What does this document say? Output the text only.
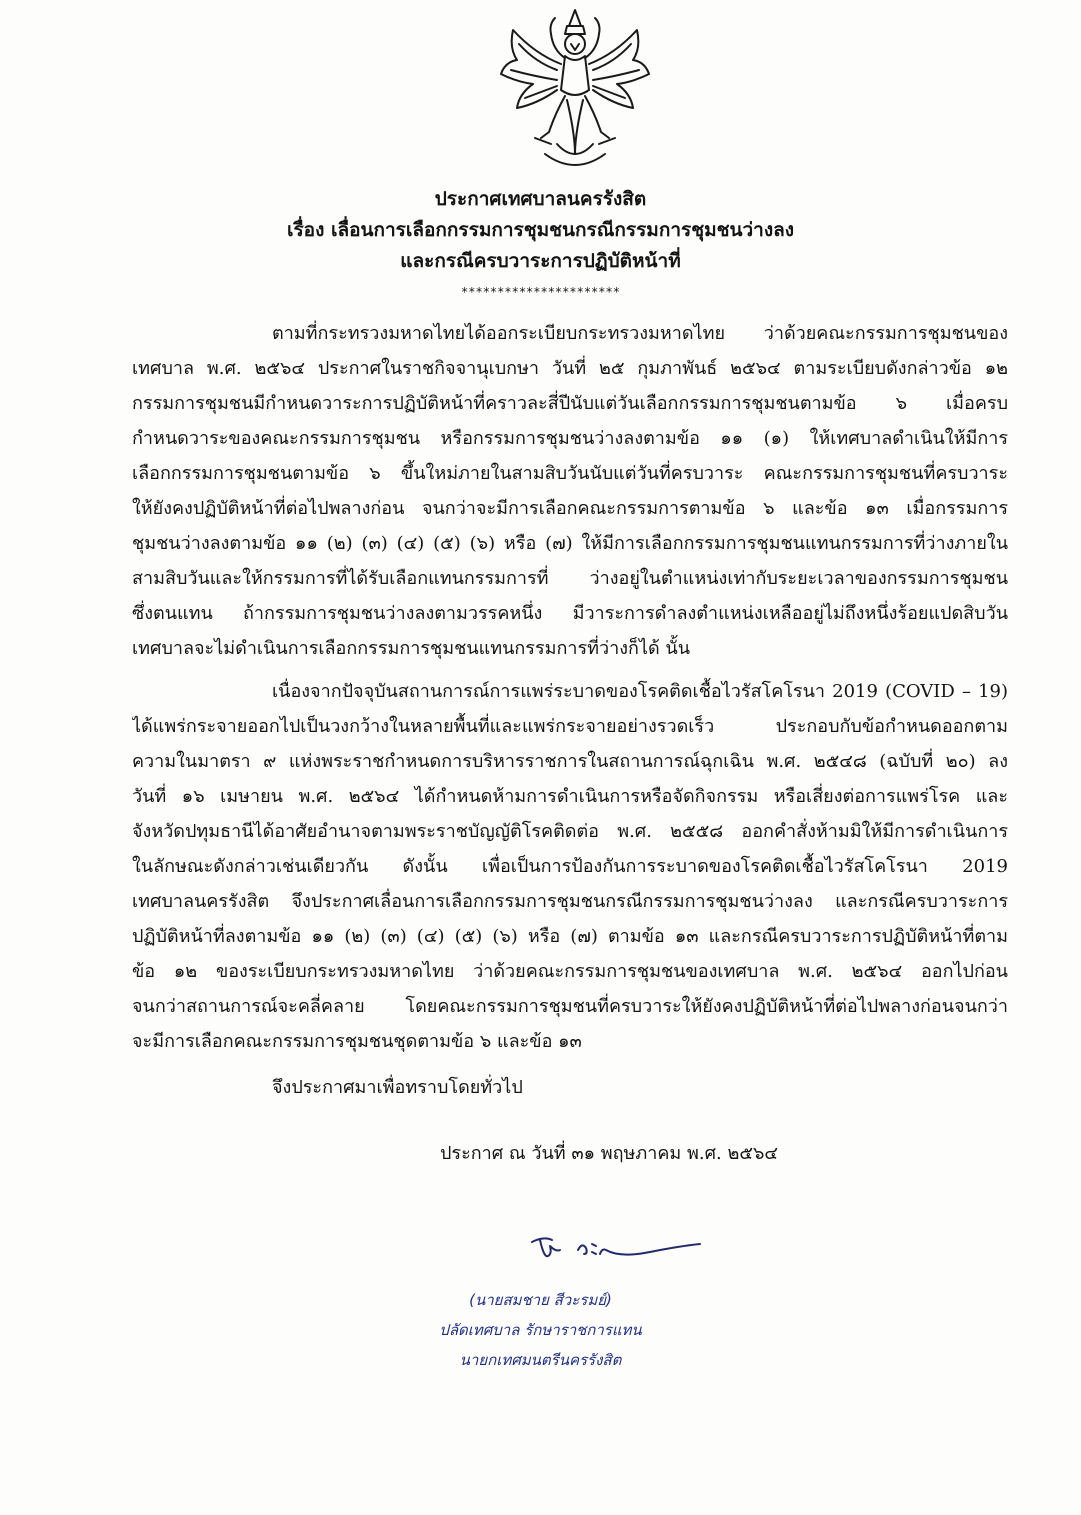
ประกาศเทศบาลนครรังสิต
เรื่อง เลื่อนการเลือกกรรมการชุมชนกรณีกรรมการชุมชนว่างลง
และกรณีครบวาระการปฏิบัติหน้าที่
**********************
ตามที่กระทรวงมหาดไทยได้ออกระเบียบกระทรวงมหาดไทย ว่าด้วยคณะกรรมการชุมชนของ
เทศบาล พ.ศ. ๒๕๖๔ ประกาศในราชกิจจานุเบกษา วันที่ ๒๕ กุมภาพันธ์ ๒๕๖๔ ตามระเบียบดังกล่าวข้อ ๑๒
กรรมการชุมชนมีกำหนดวาระการปฏิบัติหน้าที่คราวละสี่ปีนับแต่วันเลือกกรรมการชุมชนตามข้อ ๖ เมื่อครบ
กำหนดวาระของคณะกรรมการชุมชน หรือกรรมการชุมชนว่างลงตามข้อ ๑๑ (๑) ให้เทศบาลดำเนินให้มีการ
เลือกกรรมการชุมชนตามข้อ ๖ ขึ้นใหม่ภายในสามสิบวันนับแต่วันที่ครบวาระ คณะกรรมการชุมชนที่ครบวาระ
ให้ยังคงปฏิบัติหน้าที่ต่อไปพลางก่อน จนกว่าจะมีการเลือกคณะกรรมการตามข้อ ๖ และข้อ ๑๓ เมื่อกรรมการ
ชุมชนว่างลงตามข้อ ๑๑ (๒) (๓) (๔) (๕) (๖) หรือ (๗) ให้มีการเลือกกรรมการชุมชนแทนกรรมการที่ว่างภายใน
สามสิบวันและให้กรรมการที่ได้รับเลือกแทนกรรมการที่ ว่างอยู่ในตำแหน่งเท่ากับระยะเวลาของกรรมการชุมชน
ซึ่งตนแทน ถ้ากรรมการชุมชนว่างลงตามวรรคหนึ่ง มีวาระการดำลงตำแหน่งเหลืออยู่ไม่ถึงหนึ่งร้อยแปดสิบวัน
เทศบาลจะไม่ดำเนินการเลือกกรรมการชุมชนแทนกรรมการที่ว่างก็ได้ นั้น
เนื่องจากปัจจุบันสถานการณ์การแพร่ระบาดของโรคติดเชื้อไวรัสโคโรนา 2019 (COVID – 19)
ได้แพร่กระจายออกไปเป็นวงกว้างในหลายพื้นที่และแพร่กระจายอย่างรวดเร็ว ประกอบกับข้อกำหนดออกตาม
ความในมาตรา ๙ แห่งพระราชกำหนดการบริหารราชการในสถานการณ์ฉุกเฉิน พ.ศ. ๒๕๔๘ (ฉบับที่ ๒๐) ลง
วันที่ ๑๖ เมษายน พ.ศ. ๒๕๖๔ ได้กำหนดห้ามการดำเนินการหรือจัดกิจกรรม หรือเสี่ยงต่อการแพร่โรค และ
จังหวัดปทุมธานีได้อาศัยอำนาจตามพระราชบัญญัติโรคติดต่อ พ.ศ. ๒๕๕๘ ออกคำสั่งห้ามมิให้มีการดำเนินการ
ในลักษณะดังกล่าวเช่นเดียวกัน ดังนั้น เพื่อเป็นการป้องกันการระบาดของโรคติดเชื้อไวรัสโคโรนา 2019
เทศบาลนครรังสิต จึงประกาศเลื่อนการเลือกกรรมการชุมชนกรณีกรรมการชุมชนว่างลง และกรณีครบวาระการ
ปฏิบัติหน้าที่ลงตามข้อ ๑๑ (๒) (๓) (๔) (๕) (๖) หรือ (๗) ตามข้อ ๑๓ และกรณีครบวาระการปฏิบัติหน้าที่ตาม
ข้อ ๑๒ ของระเบียบกระทรวงมหาดไทย ว่าด้วยคณะกรรมการชุมชนของเทศบาล พ.ศ. ๒๕๖๔ ออกไปก่อน
จนกว่าสถานการณ์จะคลี่คลาย โดยคณะกรรมการชุมชนที่ครบวาระให้ยังคงปฏิบัติหน้าที่ต่อไปพลางก่อนจนกว่า
จะมีการเลือกคณะกรรมการชุมชนชุดตามข้อ ๖ และข้อ ๑๓
จึงประกาศมาเพื่อทราบโดยทั่วไป
ประกาศ ณ วันที่ ๓๑ พฤษภาคม พ.ศ. ๒๕๖๔
(นายสมชาย สีวะรมย์)
ปลัดเทศบาล รักษาราชการแทน
นายกเทศมนตรีนครรังสิต
